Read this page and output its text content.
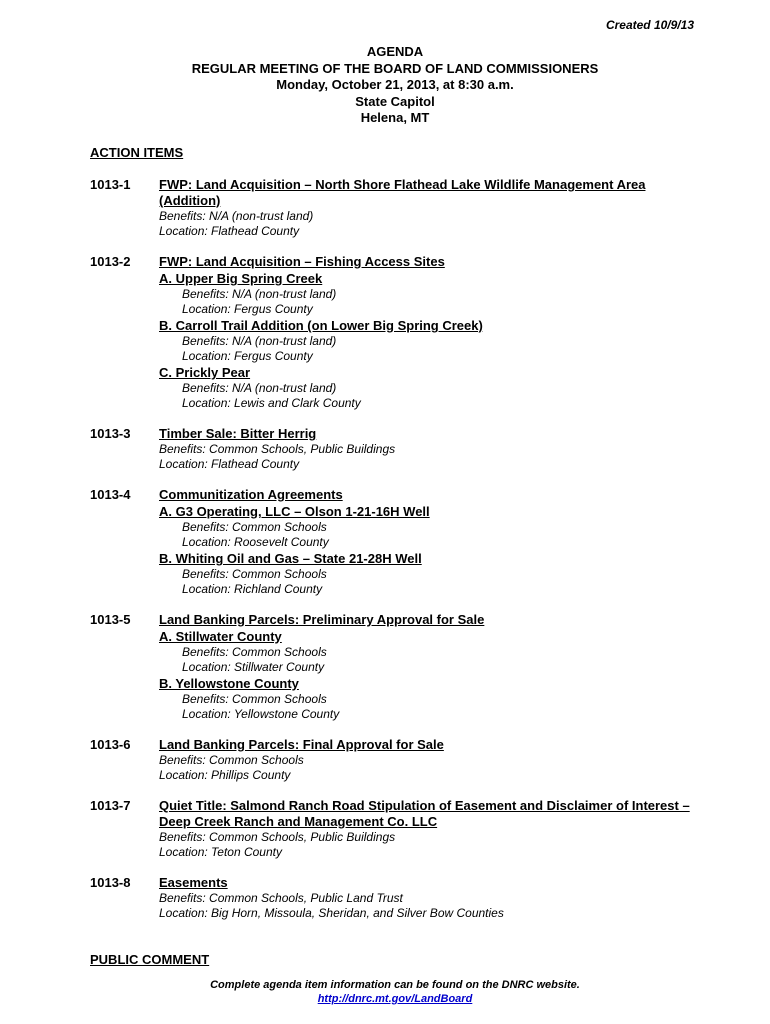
Created 10/9/13
AGENDA
REGULAR MEETING OF THE BOARD OF LAND COMMISSIONERS
Monday, October 21, 2013, at 8:30 a.m.
State Capitol
Helena, MT
ACTION ITEMS
1013-1	FWP: Land Acquisition – North Shore Flathead Lake Wildlife Management Area (Addition)
Benefits: N/A (non-trust land)
Location: Flathead County
1013-2	FWP: Land Acquisition – Fishing Access Sites
A. Upper Big Spring Creek
Benefits: N/A (non-trust land)
Location: Fergus County
B. Carroll Trail Addition (on Lower Big Spring Creek)
Benefits: N/A (non-trust land)
Location: Fergus County
C. Prickly Pear
Benefits: N/A (non-trust land)
Location: Lewis and Clark County
1013-3	Timber Sale: Bitter Herrig
Benefits: Common Schools, Public Buildings
Location: Flathead County
1013-4	Communitization Agreements
A. G3 Operating, LLC – Olson 1-21-16H Well
Benefits: Common Schools
Location: Roosevelt County
B. Whiting Oil and Gas – State 21-28H Well
Benefits: Common Schools
Location: Richland County
1013-5	Land Banking Parcels: Preliminary Approval for Sale
A. Stillwater County
Benefits: Common Schools
Location: Stillwater County
B. Yellowstone County
Benefits: Common Schools
Location: Yellowstone County
1013-6	Land Banking Parcels: Final Approval for Sale
Benefits: Common Schools
Location: Phillips County
1013-7	Quiet Title: Salmond Ranch Road Stipulation of Easement and Disclaimer of Interest – Deep Creek Ranch and Management Co. LLC
Benefits: Common Schools, Public Buildings
Location: Teton County
1013-8	Easements
Benefits: Common Schools, Public Land Trust
Location: Big Horn, Missoula, Sheridan, and Silver Bow Counties
PUBLIC COMMENT
Complete agenda item information can be found on the DNRC website.
http://dnrc.mt.gov/LandBoard
